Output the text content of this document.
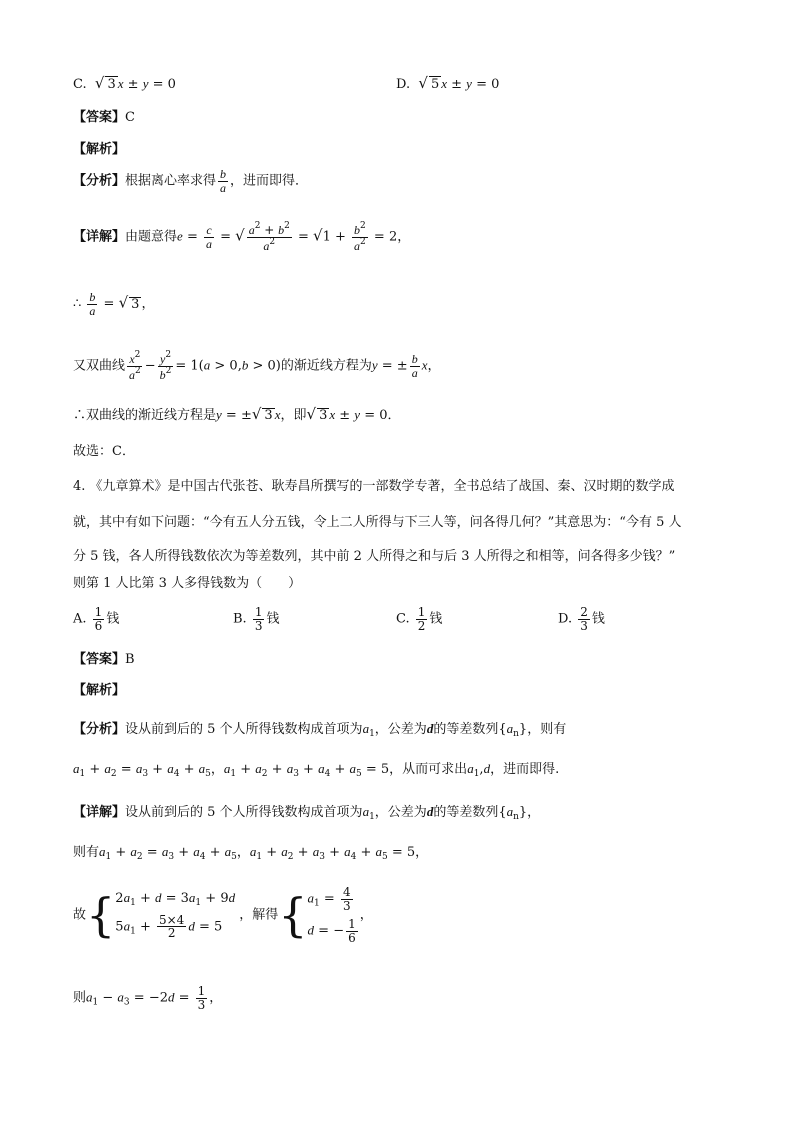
C. √ 3 x ± y = 0	D. √ 5 x ± y = 0
【答案】C
【解析】
【分析】根据离心率求得 $\frac{b}{a}$ ，进而即得．
【详解】由题意得$e = \frac{c}{a}$ = √ $\frac{a^2 + b^2}{a^2} = √1 + \frac{b^2}{a^2} = 2$，
∴ $\frac{b}{a}$ = √ 3 ，
又双曲线 $\frac{x^2}{a^2} - \frac{y^2}{b^2} = 1(a > 0,b > 0)$的渐近线方程为y = ± $\frac{b}{a}$ x，
∴双曲线的渐近线方程是y = ±√ 3 x，即√ 3 x ± y = 0．
故选：C．
4. 《九章算术》是中国古代张苍、耿寿昌所撰写的一部数学专著，全书总结了战国、秦、汉时期的数学成
就，其中有如下问题：“今有五人分五钱，令上二人所得与下三人等，问各得几何？”其意思为：“今有 5 人
分 5 钱，各人所得钱数依次为等差数列，其中前 2 人所得之和与后 3 人所得之和相等，问各得多少钱？”
则第 1 人比第 3 人多得钱数为（　　）
A. $\frac{1}{6}$ 钱	B. $\frac{1}{3}$ 钱	C. $\frac{1}{2}$ 钱	D. $\frac{2}{3}$ 钱
【答案】B
【解析】
【分析】设从前到后的 5 个人所得钱数构成首项为$a_1$，公差为d的等差数列$\{a_n\}$，则有
$a_1 + a_2 = a_3 + a_4 + a_5$，$a_1 + a_2 + a_3 + a_4 + a_5 = 5$，从而可求出$a_1,d$，进而即得.
【详解】设从前到后的 5 个人所得钱数构成首项为$a_1$，公差为d的等差数列$\{a_n\}$，
则有$a_1 + a_2 = a_3 + a_4 + a_5$，$a_1 + a_2 + a_3 + a_4 + a_5 = 5$，
故{ $2a_1 + d = 3a_1 + 9d$
$5a_1 + \frac{5\times 4}{2}$ d = 5
，解得{ $a_1 = \frac{4}{3}$
d = − $\frac{1}{6}$
，
则$a_1 - a_3 = -2d = \frac{1}{3}$ ，
